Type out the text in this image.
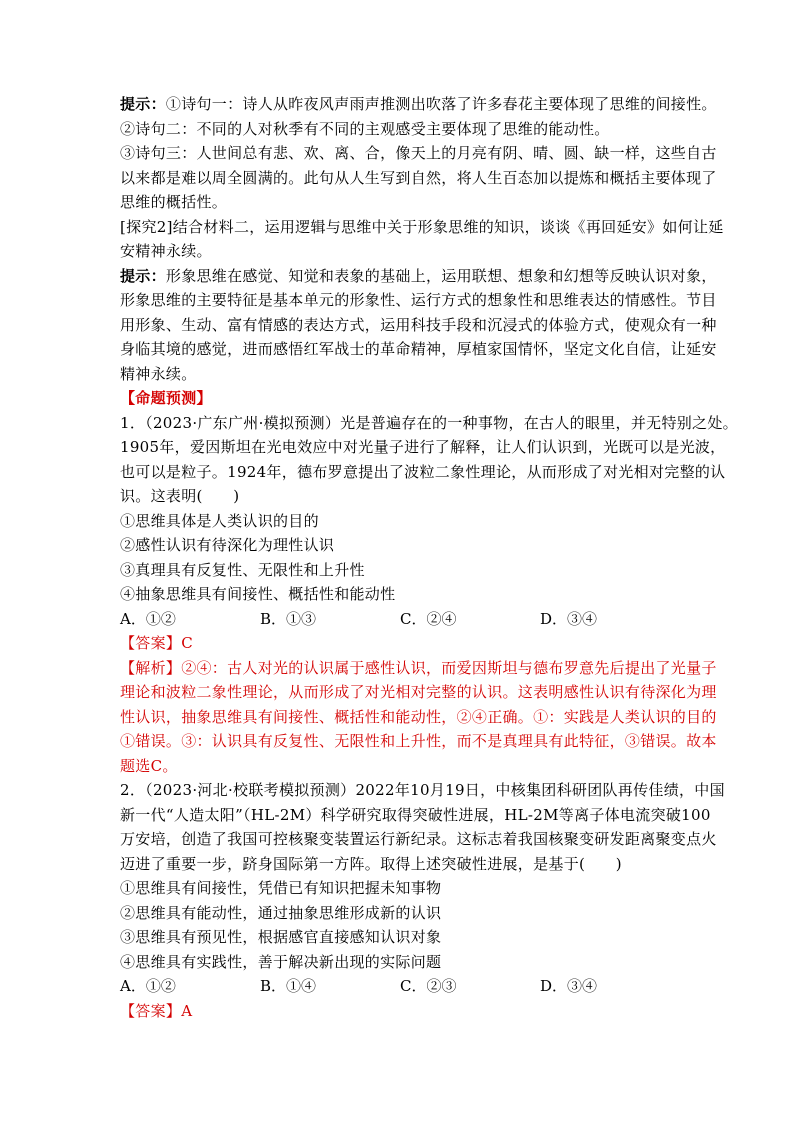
提示：①诗句一：诗人从昨夜风声雨声推测出吹落了许多春花主要体现了思维的间接性。
②诗句二：不同的人对秋季有不同的主观感受主要体现了思维的能动性。
③诗句三：人世间总有悲、欢、离、合，像天上的月亮有阴、晴、圆、缺一样，这些自古
以来都是难以周全圆满的。此句从人生写到自然，将人生百态加以提炼和概括主要体现了
思维的概括性。
[探究2]结合材料二，运用逻辑与思维中关于形象思维的知识，谈谈《再回延安》如何让延
安精神永续。
提示：形象思维在感觉、知觉和表象的基础上，运用联想、想象和幻想等反映认识对象，
形象思维的主要特征是基本单元的形象性、运行方式的想象性和思维表达的情感性。节目
用形象、生动、富有情感的表达方式，运用科技手段和沉浸式的体验方式，使观众有一种
身临其境的感觉，进而感悟红军战士的革命精神，厚植家国情怀，坚定文化自信，让延安
精神永续。
【命题预测】
1．（2023·广东广州·模拟预测）光是普遍存在的一种事物，在古人的眼里，并无特别之处。
1905年，爱因斯坦在光电效应中对光量子进行了解释，让人们认识到，光既可以是光波，
也可以是粒子。1924年，德布罗意提出了波粒二象性理论，从而形成了对光相对完整的认
识。这表明(　　)
①思维具体是人类认识的目的
②感性认识有待深化为理性认识
③真理具有反复性、无限性和上升性
④抽象思维具有间接性、概括性和能动性
A．①②	B．①③	C．②④	D．③④
【答案】C
【解析】②④：古人对光的认识属于感性认识，而爱因斯坦与德布罗意先后提出了光量子
理论和波粒二象性理论，从而形成了对光相对完整的认识。这表明感性认识有待深化为理
性认识，抽象思维具有间接性、概括性和能动性，②④正确。①：实践是人类认识的目的
①错误。③：认识具有反复性、无限性和上升性，而不是真理具有此特征，③错误。故本
题选C。
2．（2023·河北·校联考模拟预测）2022年10月19日，中核集团科研团队再传佳绩，中国
新一代“人造太阳”（HL-2M）科学研究取得突破性进展，HL-2M等离子体电流突破100
万安培，创造了我国可控核聚变装置运行新纪录。这标志着我国核聚变研发距离聚变点火
迈进了重要一步，跻身国际第一方阵。取得上述突破性进展，是基于(　　)
①思维具有间接性，凭借已有知识把握未知事物
②思维具有能动性，通过抽象思维形成新的认识
③思维具有预见性，根据感官直接感知认识对象
④思维具有实践性，善于解决新出现的实际问题
A．①②	B．①④	C．②③	D．③④
【答案】A
